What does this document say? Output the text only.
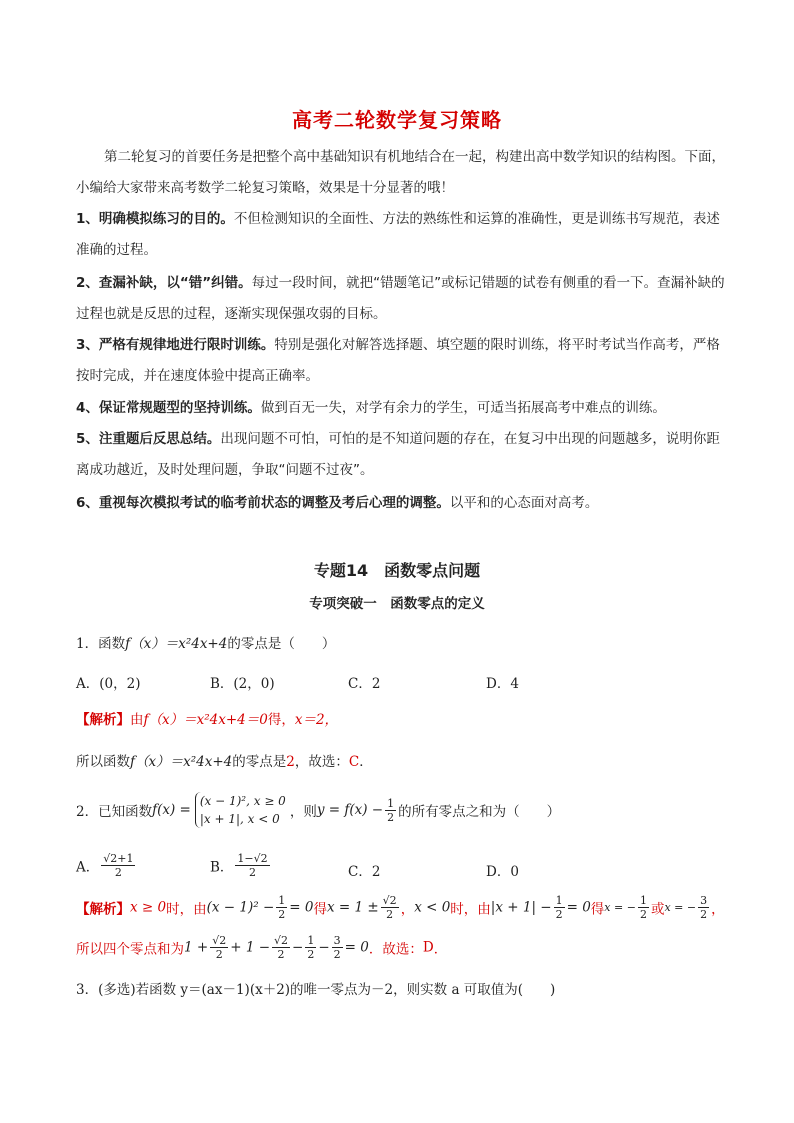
高考二轮数学复习策略
第二轮复习的首要任务是把整个高中基础知识有机地结合在一起，构建出高中数学知识的结构图。下面，小编给大家带来高考数学二轮复习策略，效果是十分显著的哦！
1、明确模拟练习的目的。不但检测知识的全面性、方法的熟练性和运算的准确性，更是训练书写规范，表述准确的过程。
2、查漏补缺，以“错”纠错。每过一段时间，就把“错题笔记”或标记错题的试卷有侧重的看一下。查漏补缺的过程也就是反思的过程，逐渐实现保强攻弱的目标。
3、严格有规律地进行限时训练。特别是强化对解答选择题、填空题的限时训练，将平时考试当作高考，严格按时完成，并在速度体验中提高正确率。
4、保证常规题型的坚持训练。做到百无一失，对学有余力的学生，可适当拓展高考中难点的训练。
5、注重题后反思总结。出现问题不可怕，可怕的是不知道问题的存在，在复习中出现的问题越多，说明你距离成功越近，及时处理问题，争取“问题不过夜”。
6、重视每次模拟考试的临考前状态的调整及考后心理的调整。以平和的心态面对高考。
专题14　函数零点问题
专项突破一　函数零点的定义
1．函数f（x）＝x²4x+4的零点是（　　）
A．(0，2)	B．(2，0)	C．2	D．4
【解析】由f（x）＝x²4x+4＝0得，x＝2，
所以函数f（x）＝x²4x+4的零点是2，故选：C．
2．已知函数f(x) =
(x − 1)², x ≥ 0
|x + 1|, x < 0 ，则$y = f(x) - \frac{1}{2}$ 的所有零点之和为（　　）
A． $\frac{√2+1}{2}$	B． $\frac{1-√2}{2}$	C．2	D．0
【解析】x ≥ 0时，由$(x - 1)^2 - \frac{1}{2} = 0$得$x = 1 \pm \frac{√2}{2}$ ，x < 0时，由$|x + 1| - \frac{1}{2} = 0$得x = − $\frac{1}{2}$ 或x = − $\frac{3}{2}$ ，
所以四个零点和为$1 + \frac{√2}{2} + 1 - \frac{√2}{2} - \frac{1}{2} - \frac{3}{2} = 0$．故选：D．
3．(多选)若函数 y＝(ax－1)(x＋2)的唯一零点为－2，则实数 a 可取值为(　　)
